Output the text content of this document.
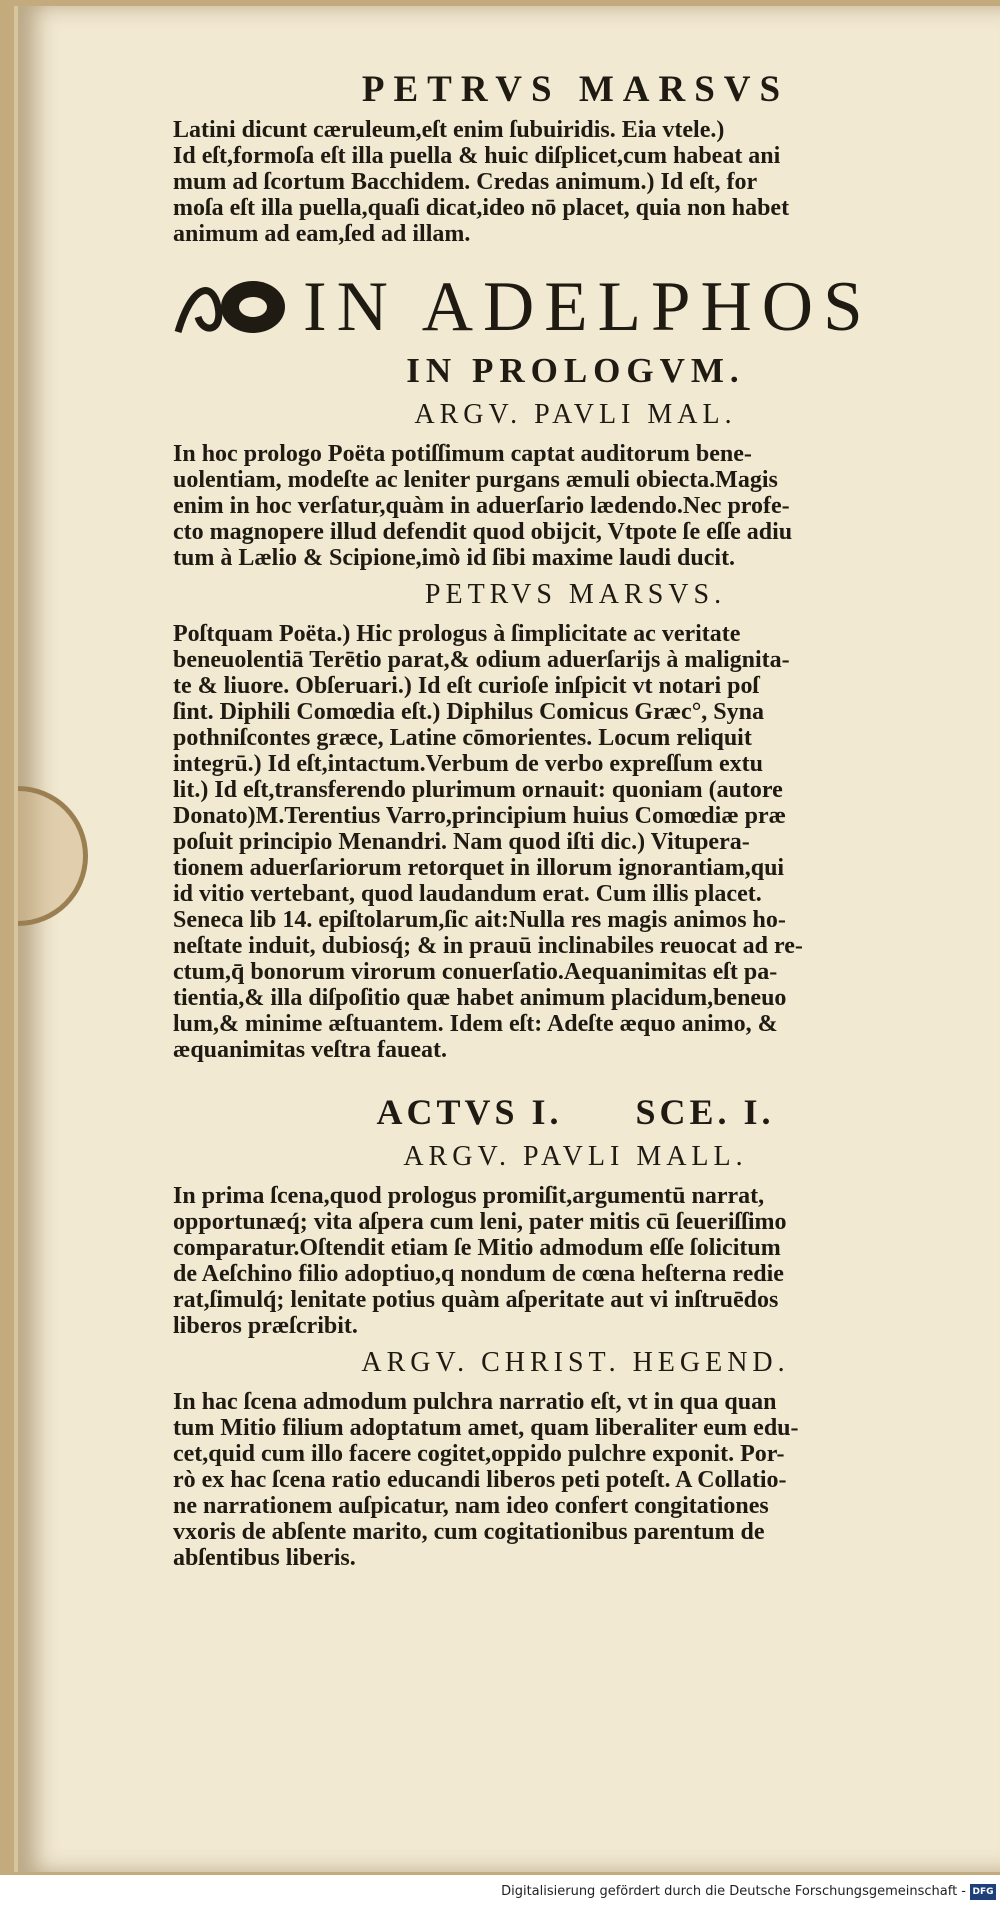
PETRVS MARSVS
Latini dicunt cæruleum,eſt enim ſubuiridis. Eia vtele.)
Id eſt,formoſa eſt illa puella & huic diſplicet,cum habeat ani
mum ad ſcortum Bacchidem. Credas animum.) Id eſt, for
moſa eſt illa puella,quaſi dicat,ideo nō placet, quia non habet
animum ad eam,ſed ad illam.
IN ADELPHOS
IN PROLOGVM.
ARGV. PAVLI MAL.
In hoc prologo Poëta potiſſimum captat auditorum bene-
uolentiam, modeſte ac leniter purgans æmuli obiecta.Magis
enim in hoc verſatur,quàm in aduerſario lædendo.Nec profe-
cto magnopere illud defendit quod obijcit, Vtpote ſe eſſe adiu
tum à Lælio & Scipione,imò id ſibi maxime laudi ducit.
PETRVS MARSVS.
Poſtquam Poëta.) Hic prologus à ſimplicitate ac veritate
beneuolentiā Terētio parat,& odium aduerſarijs à malignita-
te & liuore. Obſeruari.) Id eſt curioſe inſpicit vt notari poſ
ſint. Diphili Comœdia eſt.) Diphilus Comicus Græc°, Syna
pothniſcontes græce, Latine cōmorientes. Locum reliquit
integrū.) Id eſt,intactum.Verbum de verbo expreſſum extu
lit.) Id eſt,transferendo plurimum ornauit: quoniam (autore
Donato)M.Terentius Varro,principium huius Comœdiæ præ
poſuit principio Menandri. Nam quod iſti dic.) Vitupera-
tionem aduerſariorum retorquet in illorum ignorantiam,qui
id vitio vertebant, quod laudandum erat. Cum illis placet.
Seneca lib 14. epiſtolarum,ſic ait:Nulla res magis animos ho-
neſtate induit, dubiosq́; & in prauū inclinabiles reuocat ad re-
ctum,q̄ bonorum virorum conuerſatio.Aequanimitas eſt pa-
tientia,& illa diſpoſitio quæ habet animum placidum,beneuo
lum,& minime æſtuantem. Idem eſt: Adeſte æquo animo, &
æquanimitas veſtra faueat.
ACTVS I. SCE. I.
ARGV. PAVLI MALL.
In prima ſcena,quod prologus promiſit,argumentū narrat,
opportunæq́; vita aſpera cum leni, pater mitis cū ſeueriſſimo
comparatur.Oſtendit etiam ſe Mitio admodum eſſe ſolicitum
de Aeſchino filio adoptiuo,q nondum de cœna heſterna redie
rat,ſimulq́; lenitate potius quàm aſperitate aut vi inſtruēdos
liberos præſcribit.
ARGV. CHRIST. HEGEND.
In hac ſcena admodum pulchra narratio eſt, vt in qua quan
tum Mitio filium adoptatum amet, quam liberaliter eum edu-
cet,quid cum illo facere cogitet,oppido pulchre exponit. Por-
rò ex hac ſcena ratio educandi liberos peti poteſt. A Collatio-
ne narrationem auſpicatur, nam ideo confert congitationes
vxoris de abſente marito, cum cogitationibus parentum de
abſentibus liberis.
Digitalisierung gefördert durch die Deutsche Forschungsgemeinschaft - DFG
